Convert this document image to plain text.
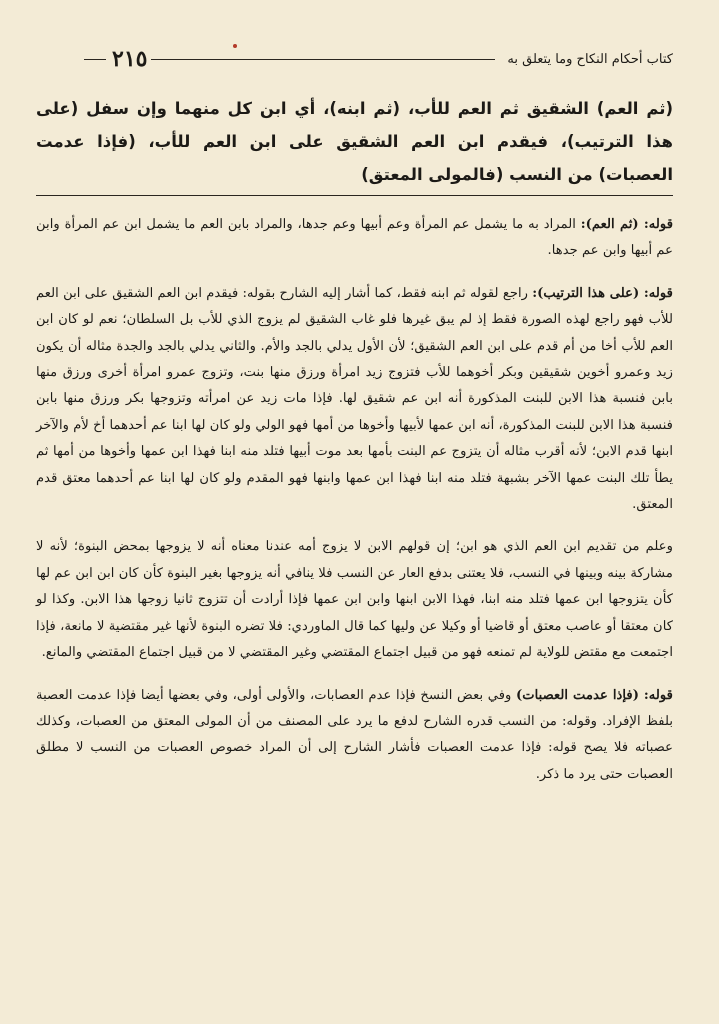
كتاب أحكام النكاح وما يتعلق به
٢١٥
(ثم العم) الشقيق ثم العم للأب، (ثم ابنه)، أي ابن كل منهما وإن سفل (على هذا الترتيب)، فيقدم ابن العم الشقيق على ابن العم للأب، (فإذا عدمت العصبات) من النسب (فالمولى المعتق)

قوله: (ثم العم): المراد به ما يشمل عم المرأة وعم أبيها وعم جدها، والمراد بابن العم ما يشمل ابن عم المرأة وابن عم أبيها وابن عم جدها.

قوله: (على هذا الترتيب): راجع لقوله ثم ابنه فقط، كما أشار إليه الشارح بقوله: فيقدم ابن العم الشقيق على ابن العم للأب فهو راجع لهذه الصورة فقط إذ لم يبق غيرها فلو غاب الشقيق لم يزوج الذي للأب بل السلطان؛ نعم لو كان ابن العم للأب أخا من أم قدم على ابن العم الشقيق؛ لأن الأول يدلي بالجد والأم. والثاني يدلي بالجد والجدة مثاله أن يكون زيد وعمرو أخوين شقيقين وبكر أخوهما للأب فتزوج زيد امرأة ورزق منها بنت، وتزوج عمرو امرأة أخرى ورزق منها بابن فنسبة هذا الابن للبنت المذكورة أنه ابن عم شقيق لها. فإذا مات زيد عن امرأته وتزوجها بكر ورزق منها بابن فنسبة هذا الابن للبنت المذكورة، أنه ابن عمها لأبيها وأخوها من أمها فهو الولي ولو كان لها ابنا عم أحدهما أخ لأم والآخر ابنها قدم الابن؛ لأنه أقرب مثاله أن يتزوج عم البنت بأمها بعد موت أبيها فتلد منه ابنا فهذا ابن عمها وأخوها من أمها ثم يطأ تلك البنت عمها الآخر بشبهة فتلد منه ابنا فهذا ابن عمها وابنها فهو المقدم ولو كان لها ابنا عم أحدهما معتق قدم المعتق.

وعلم من تقديم ابن العم الذي هو ابن؛ إن قولهم الابن لا يزوج أمه عندنا معناه أنه لا يزوجها بمحض البنوة؛ لأنه لا مشاركة بينه وبينها في النسب، فلا يعتنى بدفع العار عن النسب فلا ينافي أنه يزوجها بغير البنوة كأن كان ابن ابن عم لها كأن يتزوجها ابن عمها فتلد منه ابنا، فهذا الابن ابنها وابن ابن عمها فإذا أرادت أن تتزوج ثانيا زوجها هذا الابن. وكذا لو كان معتقا أو عاصب معتق أو قاضيا أو وكيلا عن وليها كما قال الماوردي: فلا تضره البنوة لأنها غير مقتضية لا مانعة، فإذا اجتمعت مع مقتض للولاية لم تمنعه فهو من قبيل اجتماع المقتضي وغير المقتضي لا من قبيل اجتماع المقتضي والمانع.

قوله: (فإذا عدمت العصبات) وفي بعض النسخ فإذا عدم العصابات، والأولى أولى، وفي بعضها أيضا فإذا عدمت العصبة بلفظ الإفراد. وقوله: من النسب قدره الشارح لدفع ما يرد على المصنف من أن المولى المعتق من العصبات، وكذلك عصباته فلا يصح قوله: فإذا عدمت العصبات فأشار الشارح إلى أن المراد خصوص العصبات من النسب لا مطلق العصبات حتى يرد ما ذكر.
